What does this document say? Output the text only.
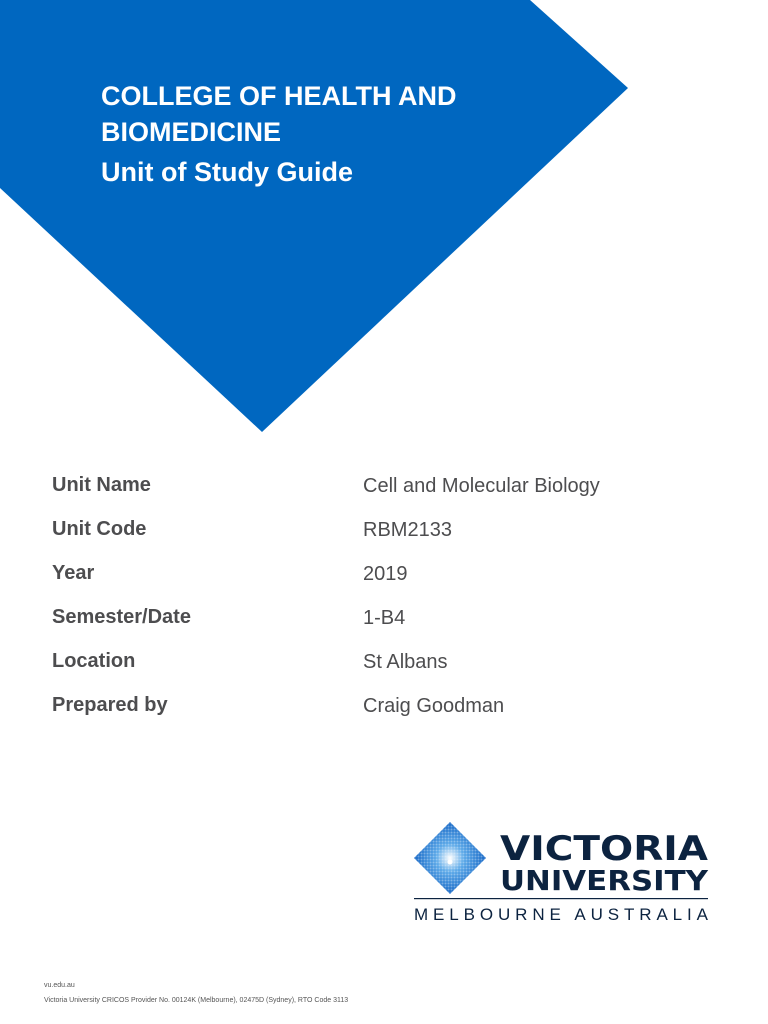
COLLEGE OF HEALTH AND BIOMEDICINE
Unit of Study Guide
Unit Name	Cell and Molecular Biology
Unit Code	RBM2133
Year	2019
Semester/Date	1-B4
Location	St Albans
Prepared by	Craig Goodman
VICTORIA
UNIVERSITY
MELBOURNE AUSTRALIA
vu.edu.au
Victoria University CRICOS Provider No. 00124K (Melbourne), 02475D (Sydney), RTO Code 3113
